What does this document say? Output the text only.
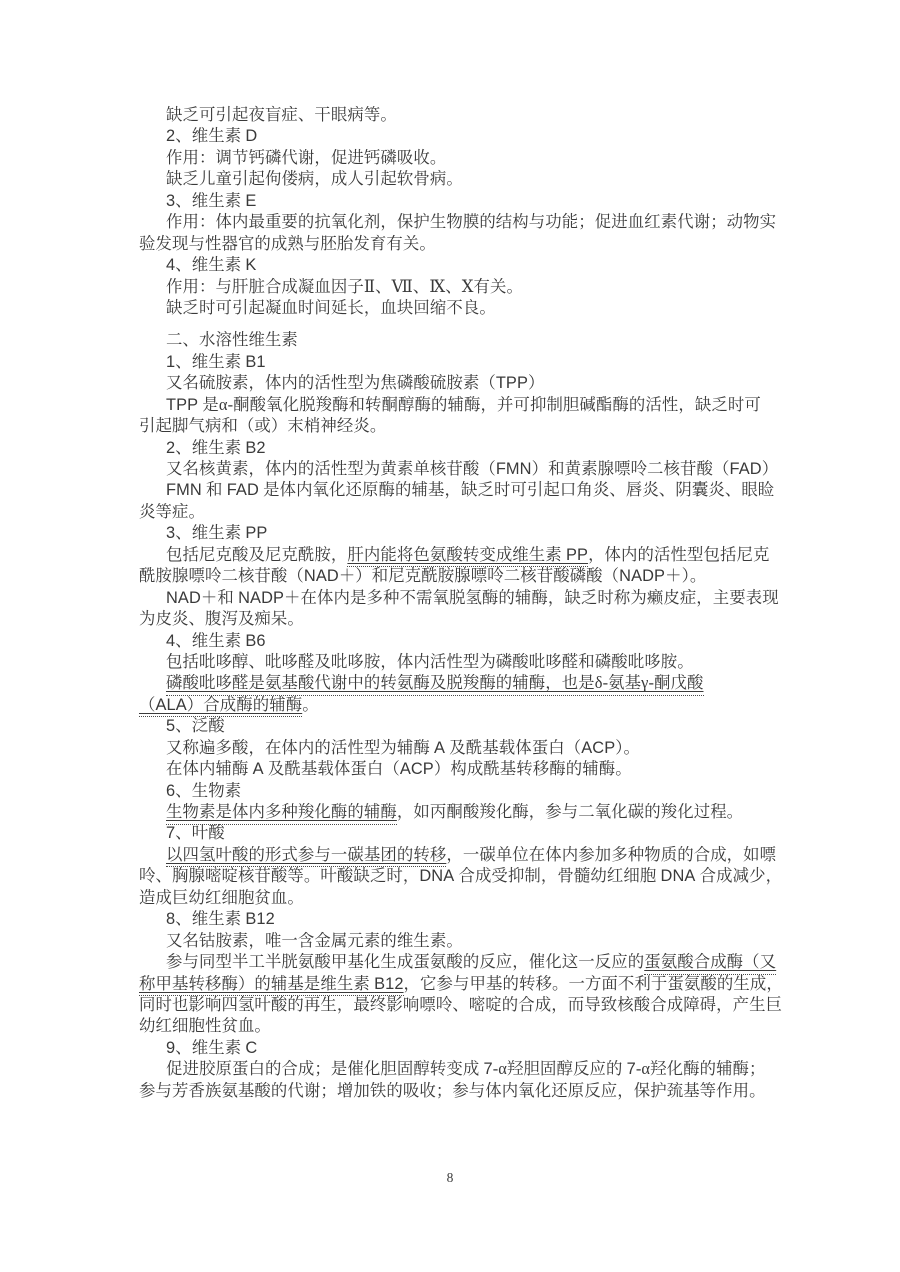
缺乏可引起夜盲症、干眼病等。
2、维生素 D
作用：调节钙磷代谢，促进钙磷吸收。
缺乏儿童引起佝偻病，成人引起软骨病。
3、维生素 E
作用：体内最重要的抗氧化剂，保护生物膜的结构与功能；促进血红素代谢；动物实
验发现与性器官的成熟与胚胎发育有关。
4、维生素 K
作用：与肝脏合成凝血因子Ⅱ、Ⅶ、Ⅸ、Ⅹ有关。
缺乏时可引起凝血时间延长，血块回缩不良。
二、水溶性维生素
1、维生素 B1
又名硫胺素，体内的活性型为焦磷酸硫胺素（TPP）
TPP 是α-酮酸氧化脱羧酶和转酮醇酶的辅酶，并可抑制胆碱酯酶的活性，缺乏时可
引起脚气病和（或）末梢神经炎。
2、维生素 B2
又名核黄素，体内的活性型为黄素单核苷酸（FMN）和黄素腺嘌呤二核苷酸（FAD）
FMN 和 FAD 是体内氧化还原酶的辅基，缺乏时可引起口角炎、唇炎、阴囊炎、眼睑
炎等症。
3、维生素 PP
包括尼克酸及尼克酰胺，肝内能将色氨酸转变成维生素 PP，体内的活性型包括尼克
酰胺腺嘌呤二核苷酸（NAD＋）和尼克酰胺腺嘌呤二核苷酸磷酸（NADP＋）。
NAD＋和 NADP＋在体内是多种不需氧脱氢酶的辅酶，缺乏时称为癞皮症，主要表现
为皮炎、腹泻及痴呆。
4、维生素 B6
包括吡哆醇、吡哆醛及吡哆胺，体内活性型为磷酸吡哆醛和磷酸吡哆胺。
磷酸吡哆醛是氨基酸代谢中的转氨酶及脱羧酶的辅酶，也是δ-氨基γ-酮戊酸
（ALA）合成酶的辅酶。
5、泛酸
又称遍多酸，在体内的活性型为辅酶 A 及酰基载体蛋白（ACP）。
在体内辅酶 A 及酰基载体蛋白（ACP）构成酰基转移酶的辅酶。
6、生物素
生物素是体内多种羧化酶的辅酶，如丙酮酸羧化酶，参与二氧化碳的羧化过程。
7、叶酸
以四氢叶酸的形式参与一碳基团的转移，一碳单位在体内参加多种物质的合成，如嘌
呤、胸腺嘧啶核苷酸等。叶酸缺乏时，DNA 合成受抑制，骨髓幼红细胞 DNA 合成减少，
造成巨幼红细胞贫血。
8、维生素 B12
又名钴胺素，唯一含金属元素的维生素。
参与同型半工半胱氨酸甲基化生成蛋氨酸的反应，催化这一反应的蛋氨酸合成酶（又
称甲基转移酶）的辅基是维生素 B12，它参与甲基的转移。一方面不利于蛋氨酸的生成，
同时也影响四氢叶酸的再生，最终影响嘌呤、嘧啶的合成，而导致核酸合成障碍，产生巨
幼红细胞性贫血。
9、维生素 C
促进胶原蛋白的合成；是催化胆固醇转变成 7-α羟胆固醇反应的 7-α羟化酶的辅酶；
参与芳香族氨基酸的代谢；增加铁的吸收；参与体内氧化还原反应，保护巯基等作用。
8
